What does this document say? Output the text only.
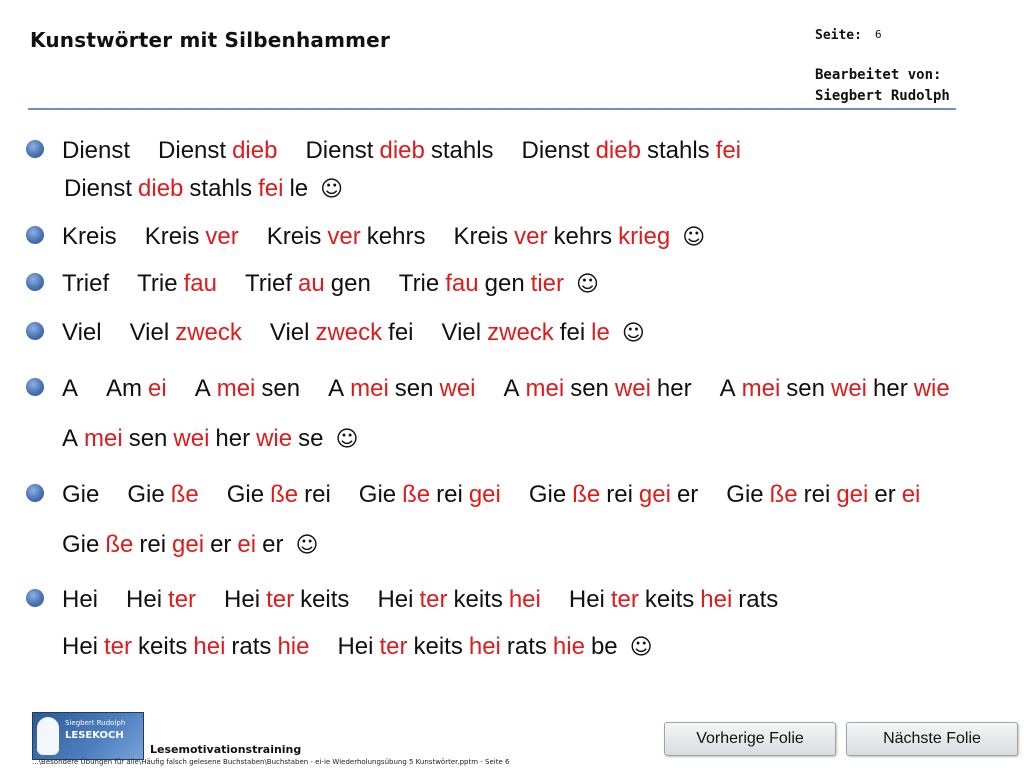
Kunstwörter mit Silbenhammer	Seite: 6
Bearbeitet von:
Siegbert Rudolph
Dienst Dienst dieb Dienst dieb stahls Dienst dieb stahls fei
Dienst dieb stahls fei le ☺
Kreis Kreis ver Kreis ver kehrs Kreis ver kehrs krieg ☺
Trief Trie fau Trief au gen Trie fau gen tier ☺
Viel Viel zweck Viel zweck fei Viel zweck fei le ☺
A Am ei A mei sen A mei sen wei A mei sen wei her A mei sen wei her wie
A mei sen wei her wie se ☺
Gie Gie ße Gie ße rei Gie ße rei gei Gie ße rei gei er Gie ße rei gei er ei
Gie ße rei gei er ei er ☺
Hei Hei ter Hei ter keits Hei ter keits hei Hei ter keits hei rats
Hei ter keits hei rats hie Hei ter keits hei rats hie be ☺
Siegbert Rudolph
LESEKOCH
Lesemotivationstraining
...\Besondere Übungen für alle\Häufig falsch gelesene Buchstaben\Buchstaben - ei-ie Wiederholungsübung 5 Kunstwörter.pptm - Seite 6
Vorherige Folie	Nächste Folie
